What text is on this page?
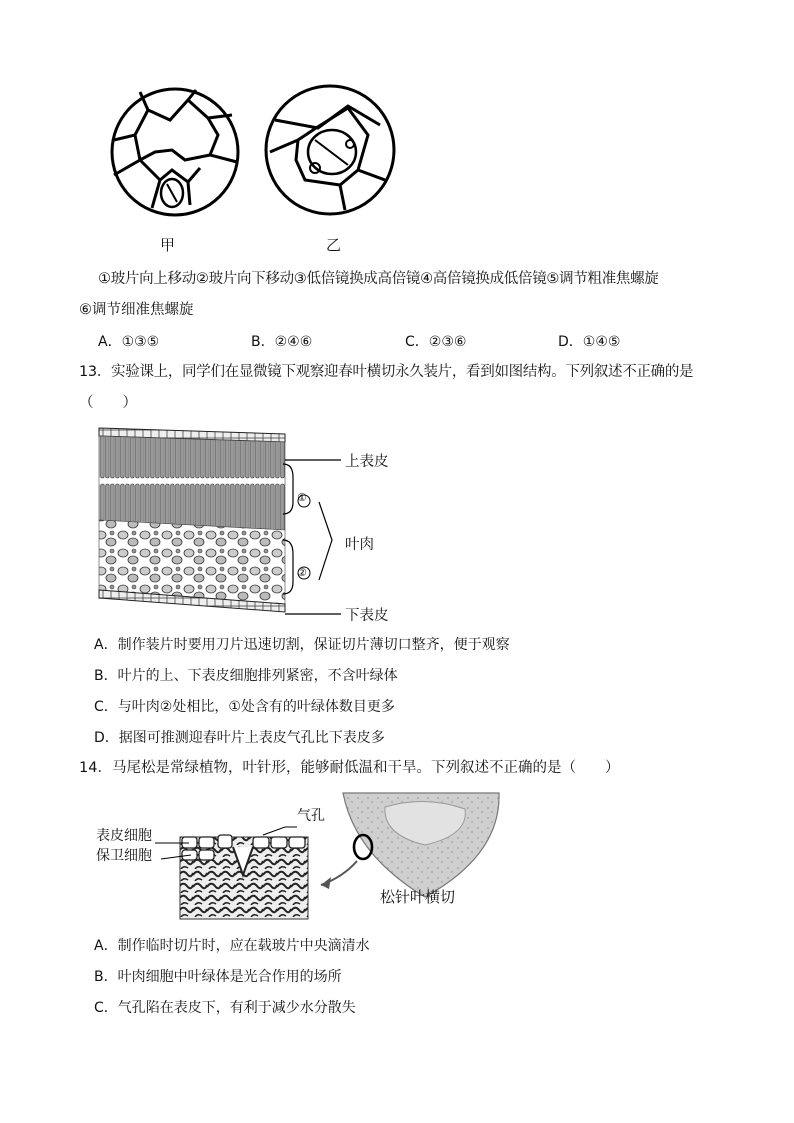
甲	乙
①玻片向上移动②玻片向下移动③低倍镜换成高倍镜④高倍镜换成低倍镜⑤调节粗准焦螺旋
⑥调节细准焦螺旋
A．①③⑤	B．②④⑥	C．②③⑥	D．①④⑤
13．实验课上，同学们在显微镜下观察迎春叶横切永久装片，看到如图结构。下列叙述不正确的是
（　　）
①
②
上表皮
叶肉
下表皮
A．制作装片时要用刀片迅速切割，保证切片薄切口整齐，便于观察
B．叶片的上、下表皮细胞排列紧密，不含叶绿体
C．与叶肉②处相比，①处含有的叶绿体数目更多
D．据图可推测迎春叶片上表皮气孔比下表皮多
14．马尾松是常绿植物，叶针形，能够耐低温和干旱。下列叙述不正确的是（　　）
气孔
表皮细胞
保卫细胞
松针叶横切
A．制作临时切片时，应在载玻片中央滴清水
B．叶肉细胞中叶绿体是光合作用的场所
C．气孔陷在表皮下，有利于减少水分散失
